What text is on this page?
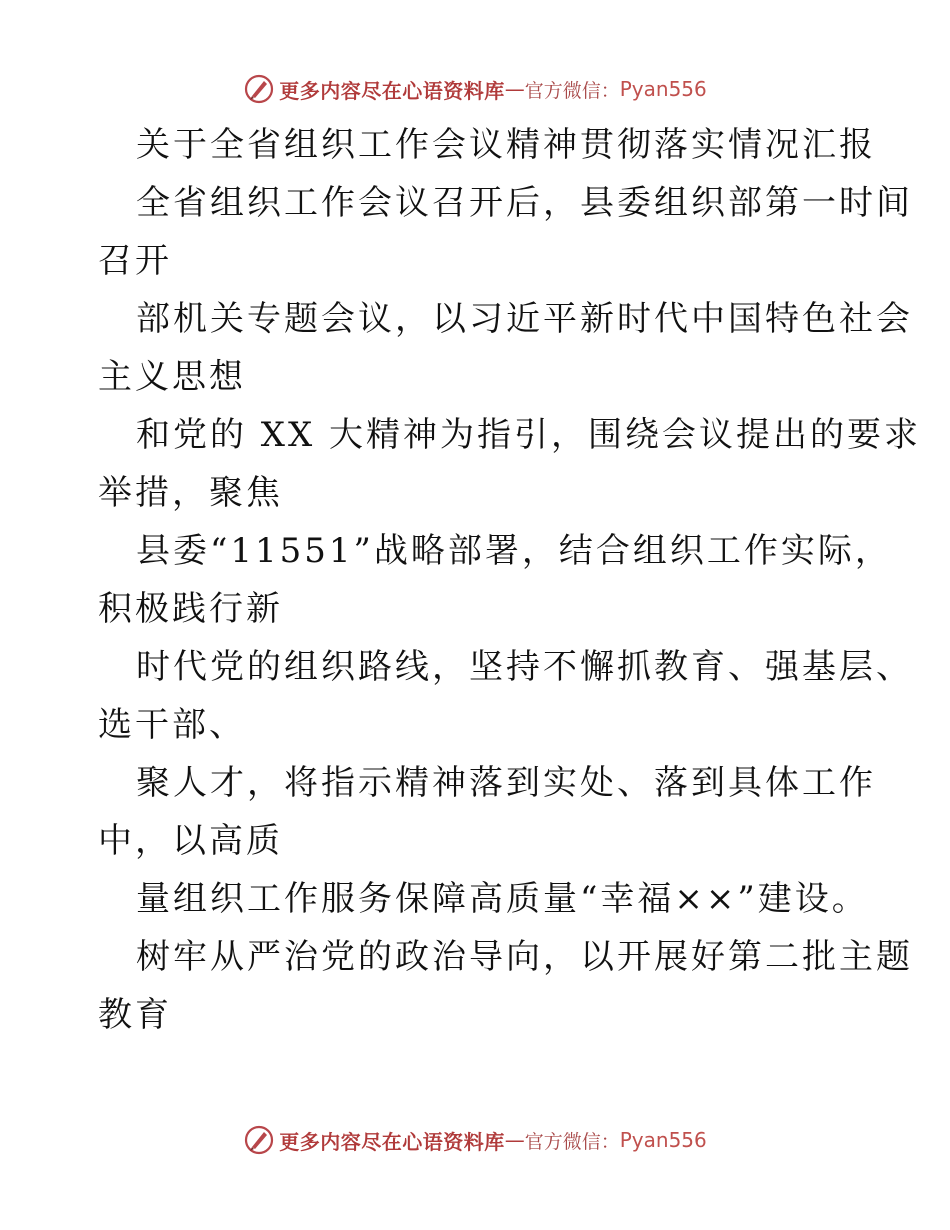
更多内容尽在心语资料库 — 官方微信： Pyan556
关于全省组织工作会议精神贯彻落实情况汇报
全省组织工作会议召开后，县委组织部第一时间
召开
部机关专题会议，以习近平新时代中国特色社会
主义思想
和党的 XX 大精神为指引，围绕会议提出的要求
举措，聚焦
县委“11551”战略部署，结合组织工作实际，
积极践行新
时代党的组织路线，坚持不懈抓教育、强基层、
选干部、
聚人才，将指示精神落到实处、落到具体工作
中，以高质
量组织工作服务保障高质量“幸福××”建设。
树牢从严治党的政治导向，以开展好第二批主题
教育
更多内容尽在心语资料库 — 官方微信： Pyan556
